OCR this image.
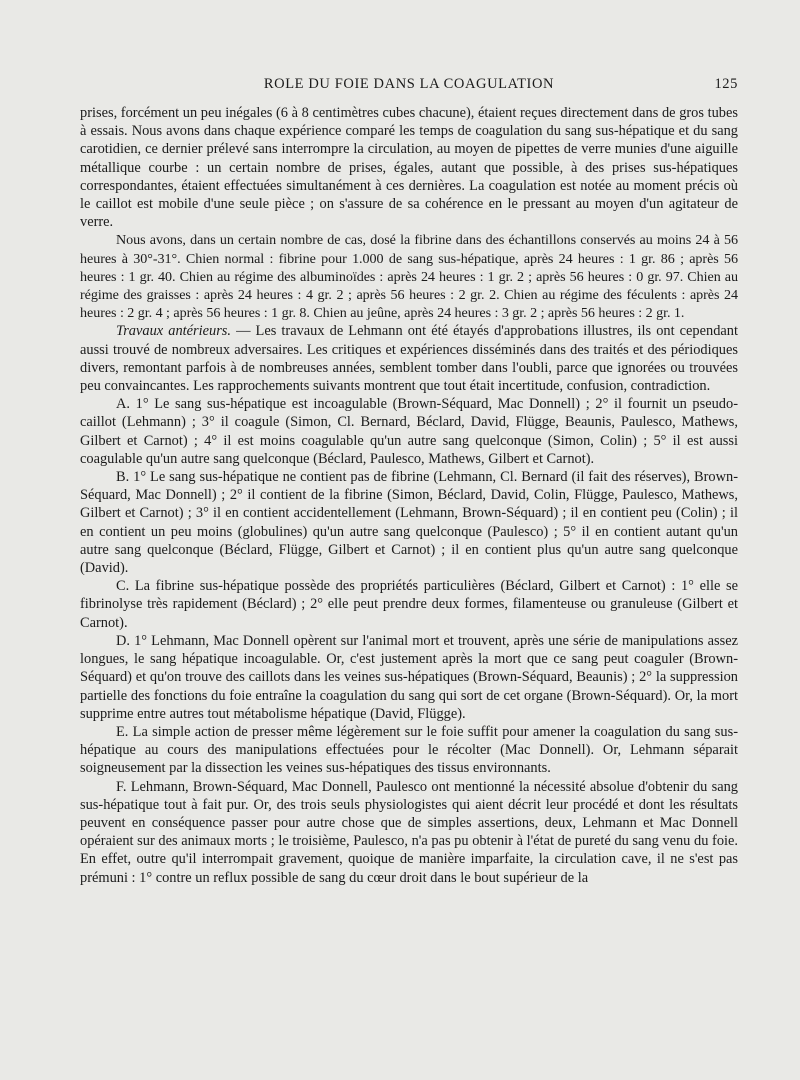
ROLE DU FOIE DANS LA COAGULATION	125

prises, forcément un peu inégales (6 à 8 centimètres cubes chacune), étaient reçues directement dans de gros tubes à essais. Nous avons dans chaque expérience comparé les temps de coagulation du sang sus-hépatique et du sang carotidien, ce dernier prélevé sans interrompre la circulation, au moyen de pipettes de verre munies d'une aiguille métallique courbe : un certain nombre de prises, égales, autant que possible, à des prises sus-hépatiques correspondantes, étaient effectuées simultanément à ces dernières. La coagulation est notée au moment précis où le caillot est mobile d'une seule pièce ; on s'assure de sa cohérence en le pressant au moyen d'un agitateur de verre.

Nous avons, dans un certain nombre de cas, dosé la fibrine dans des échantillons conservés au moins 24 à 56 heures à 30°-31°. Chien normal : fibrine pour 1.000 de sang sus-hépatique, après 24 heures : 1 gr. 86 ; après 56 heures : 1 gr. 40. Chien au régime des albuminoïdes : après 24 heures : 1 gr. 2 ; après 56 heures : 0 gr. 97. Chien au régime des graisses : après 24 heures : 4 gr. 2 ; après 56 heures : 2 gr. 2. Chien au régime des féculents : après 24 heures : 2 gr. 4 ; après 56 heures : 1 gr. 8. Chien au jeûne, après 24 heures : 3 gr. 2 ; après 56 heures : 2 gr. 1.

Travaux antérieurs. — Les travaux de Lehmann ont été étayés d'approbations illustres, ils ont cependant aussi trouvé de nombreux adversaires. Les critiques et expériences disséminés dans des traités et des périodiques divers, remontant parfois à de nombreuses années, semblent tomber dans l'oubli, parce que ignorées ou trouvées peu convaincantes. Les rapprochements suivants montrent que tout était incertitude, confusion, contradiction.

A. 1° Le sang sus-hépatique est incoagulable (Brown-Séquard, Mac Donnell) ; 2° il fournit un pseudo-caillot (Lehmann) ; 3° il coagule (Simon, Cl. Bernard, Béclard, David, Flügge, Beaunis, Paulesco, Mathews, Gilbert et Carnot) ; 4° il est moins coagulable qu'un autre sang quelconque (Simon, Colin) ; 5° il est aussi coagulable qu'un autre sang quelconque (Béclard, Paulesco, Mathews, Gilbert et Carnot).

B. 1° Le sang sus-hépatique ne contient pas de fibrine (Lehmann, Cl. Bernard (il fait des réserves), Brown-Séquard, Mac Donnell) ; 2° il contient de la fibrine (Simon, Béclard, David, Colin, Flügge, Paulesco, Mathews, Gilbert et Carnot) ; 3° il en contient accidentellement (Lehmann, Brown-Séquard) ; il en contient peu (Colin) ; il en contient un peu moins (globulines) qu'un autre sang quelconque (Paulesco) ; 5° il en contient autant qu'un autre sang quelconque (Béclard, Flügge, Gilbert et Carnot) ; il en contient plus qu'un autre sang quelconque (David).

C. La fibrine sus-hépatique possède des propriétés particulières (Béclard, Gilbert et Carnot) : 1° elle se fibrinolyse très rapidement (Béclard) ; 2° elle peut prendre deux formes, filamenteuse ou granuleuse (Gilbert et Carnot).

D. 1° Lehmann, Mac Donnell opèrent sur l'animal mort et trouvent, après une série de manipulations assez longues, le sang hépatique incoagulable. Or, c'est justement après la mort que ce sang peut coaguler (Brown-Séquard) et qu'on trouve des caillots dans les veines sus-hépatiques (Brown-Séquard, Beaunis) ; 2° la suppression partielle des fonctions du foie entraîne la coagulation du sang qui sort de cet organe (Brown-Séquard). Or, la mort supprime entre autres tout métabolisme hépatique (David, Flügge).

E. La simple action de presser même légèrement sur le foie suffit pour amener la coagulation du sang sus-hépatique au cours des manipulations effectuées pour le récolter (Mac Donnell). Or, Lehmann séparait soigneusement par la dissection les veines sus-hépatiques des tissus environnants.

F. Lehmann, Brown-Séquard, Mac Donnell, Paulesco ont mentionné la nécessité absolue d'obtenir du sang sus-hépatique tout à fait pur. Or, des trois seuls physiologistes qui aient décrit leur procédé et dont les résultats peuvent en conséquence passer pour autre chose que de simples assertions, deux, Lehmann et Mac Donnell opéraient sur des animaux morts ; le troisième, Paulesco, n'a pas pu obtenir à l'état de pureté du sang venu du foie. En effet, outre qu'il interrompait gravement, quoique de manière imparfaite, la circulation cave, il ne s'est pas prémuni : 1° contre un reflux possible de sang du cœur droit dans le bout supérieur de la
